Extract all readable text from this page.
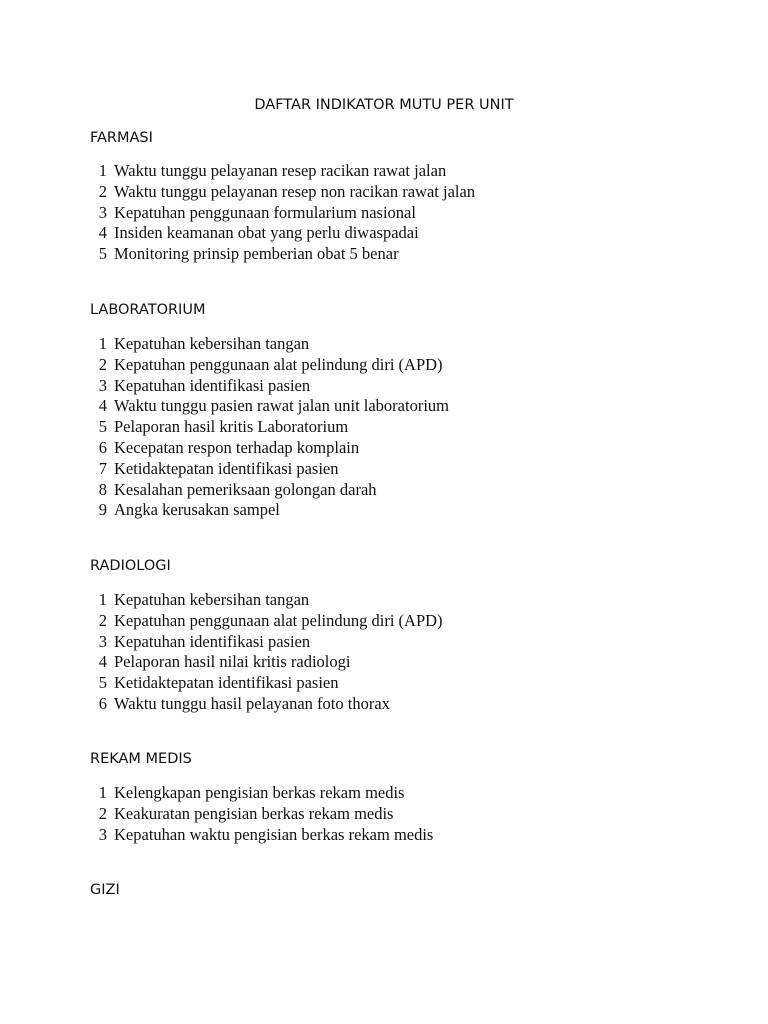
DAFTAR INDIKATOR MUTU PER UNIT
FARMASI
1 Waktu tunggu pelayanan resep racikan rawat jalan
2 Waktu tunggu pelayanan resep non racikan rawat jalan
3 Kepatuhan penggunaan formularium nasional
4 Insiden keamanan obat yang perlu diwaspadai
5 Monitoring prinsip pemberian obat 5 benar
LABORATORIUM
1 Kepatuhan kebersihan tangan
2 Kepatuhan penggunaan alat pelindung diri (APD)
3 Kepatuhan identifikasi pasien
4 Waktu tunggu pasien rawat jalan unit laboratorium
5 Pelaporan hasil kritis Laboratorium
6 Kecepatan respon terhadap komplain
7 Ketidaktepatan identifikasi pasien
8 Kesalahan pemeriksaan golongan darah
9 Angka kerusakan sampel
RADIOLOGI
1 Kepatuhan kebersihan tangan
2 Kepatuhan penggunaan alat pelindung diri (APD)
3 Kepatuhan identifikasi pasien
4 Pelaporan hasil nilai kritis radiologi
5 Ketidaktepatan identifikasi pasien
6 Waktu tunggu hasil pelayanan foto thorax
REKAM MEDIS
1 Kelengkapan pengisian berkas rekam medis
2 Keakuratan pengisian berkas rekam medis
3 Kepatuhan waktu pengisian berkas rekam medis
GIZI
